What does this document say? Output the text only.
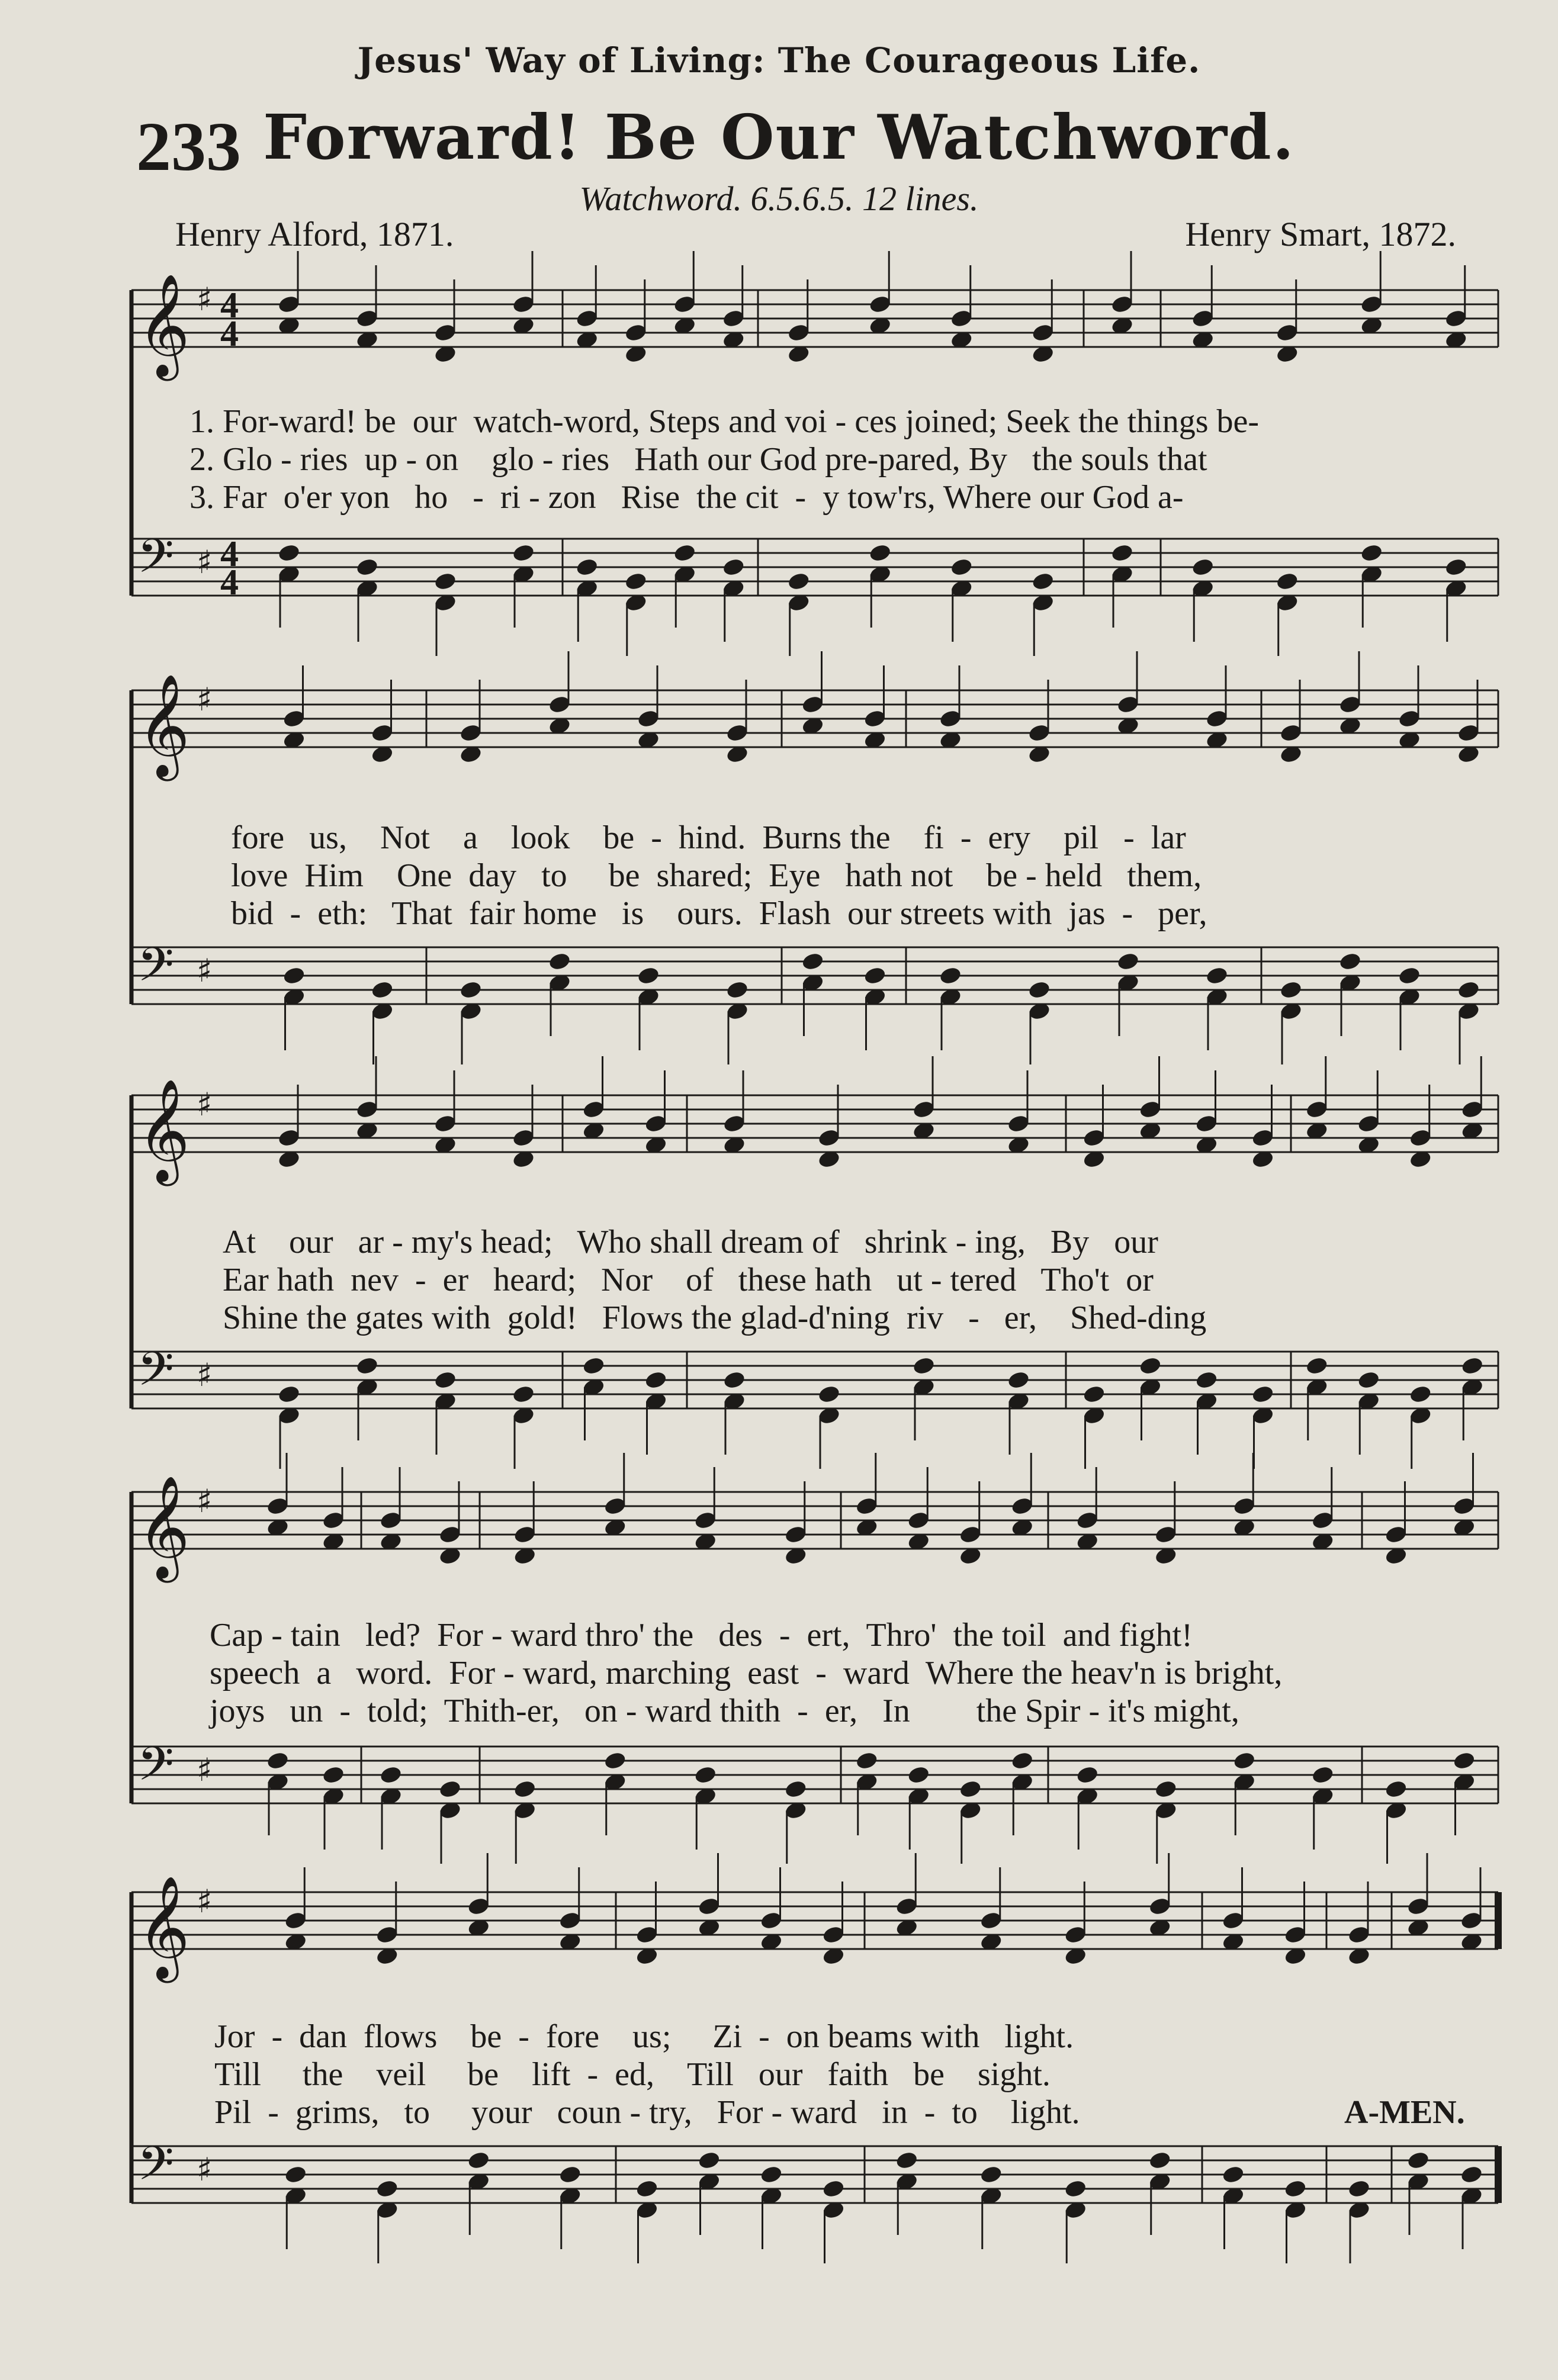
Jesus' Way of Living: The Courageous Life.
233 Forward! Be Our Watchword.
Watchword. 6.5.6.5. 12 lines.
Henry Alford, 1871.	Henry Smart, 1872.
𝄞 ♯ 4
4
𝄢 ♯ 4
4
𝄞 ♯
𝄢 ♯
𝄞 ♯
𝄢 ♯
𝄞 ♯
𝄢 ♯
𝄞 ♯
𝄢 ♯
1. For-ward! be  our  watch-word, Steps and voi - ces joined; Seek the things be-
2. Glo - ries  up - on    glo - ries   Hath our God pre-pared, By   the souls that
3. Far  o'er yon   ho   -  ri - zon   Rise  the cit  -  y tow'rs, Where our God a-
fore   us,    Not    a    look    be  -  hind.  Burns the    fi  -  ery    pil   -  lar
love  Him    One  day   to     be  shared;  Eye   hath not    be - held   them,
bid  -  eth:   That  fair home   is    ours.  Flash  our streets with  jas  -   per,
At    our   ar - my's head;   Who shall dream of   shrink - ing,   By   our
Ear hath  nev  -  er   heard;   Nor    of   these hath   ut - tered   Tho't  or
Shine the gates with  gold!   Flows the glad-d'ning  riv   -   er,    Shed-ding
Cap - tain   led?  For - ward thro' the   des  -  ert,  Thro'  the toil  and fight!
speech  a   word.  For - ward, marching  east  -  ward  Where the heav'n is bright,
joys   un  -  told;  Thith-er,   on - ward thith  -  er,   In        the Spir - it's might,
Jor  -  dan  flows    be  -  fore    us;     Zi  -  on beams with   light.
Till     the    veil     be    lift  -  ed,    Till   our   faith   be    sight.
Pil  -  grims,   to     your   coun - try,   For - ward   in  -  to    light.	A-MEN.
